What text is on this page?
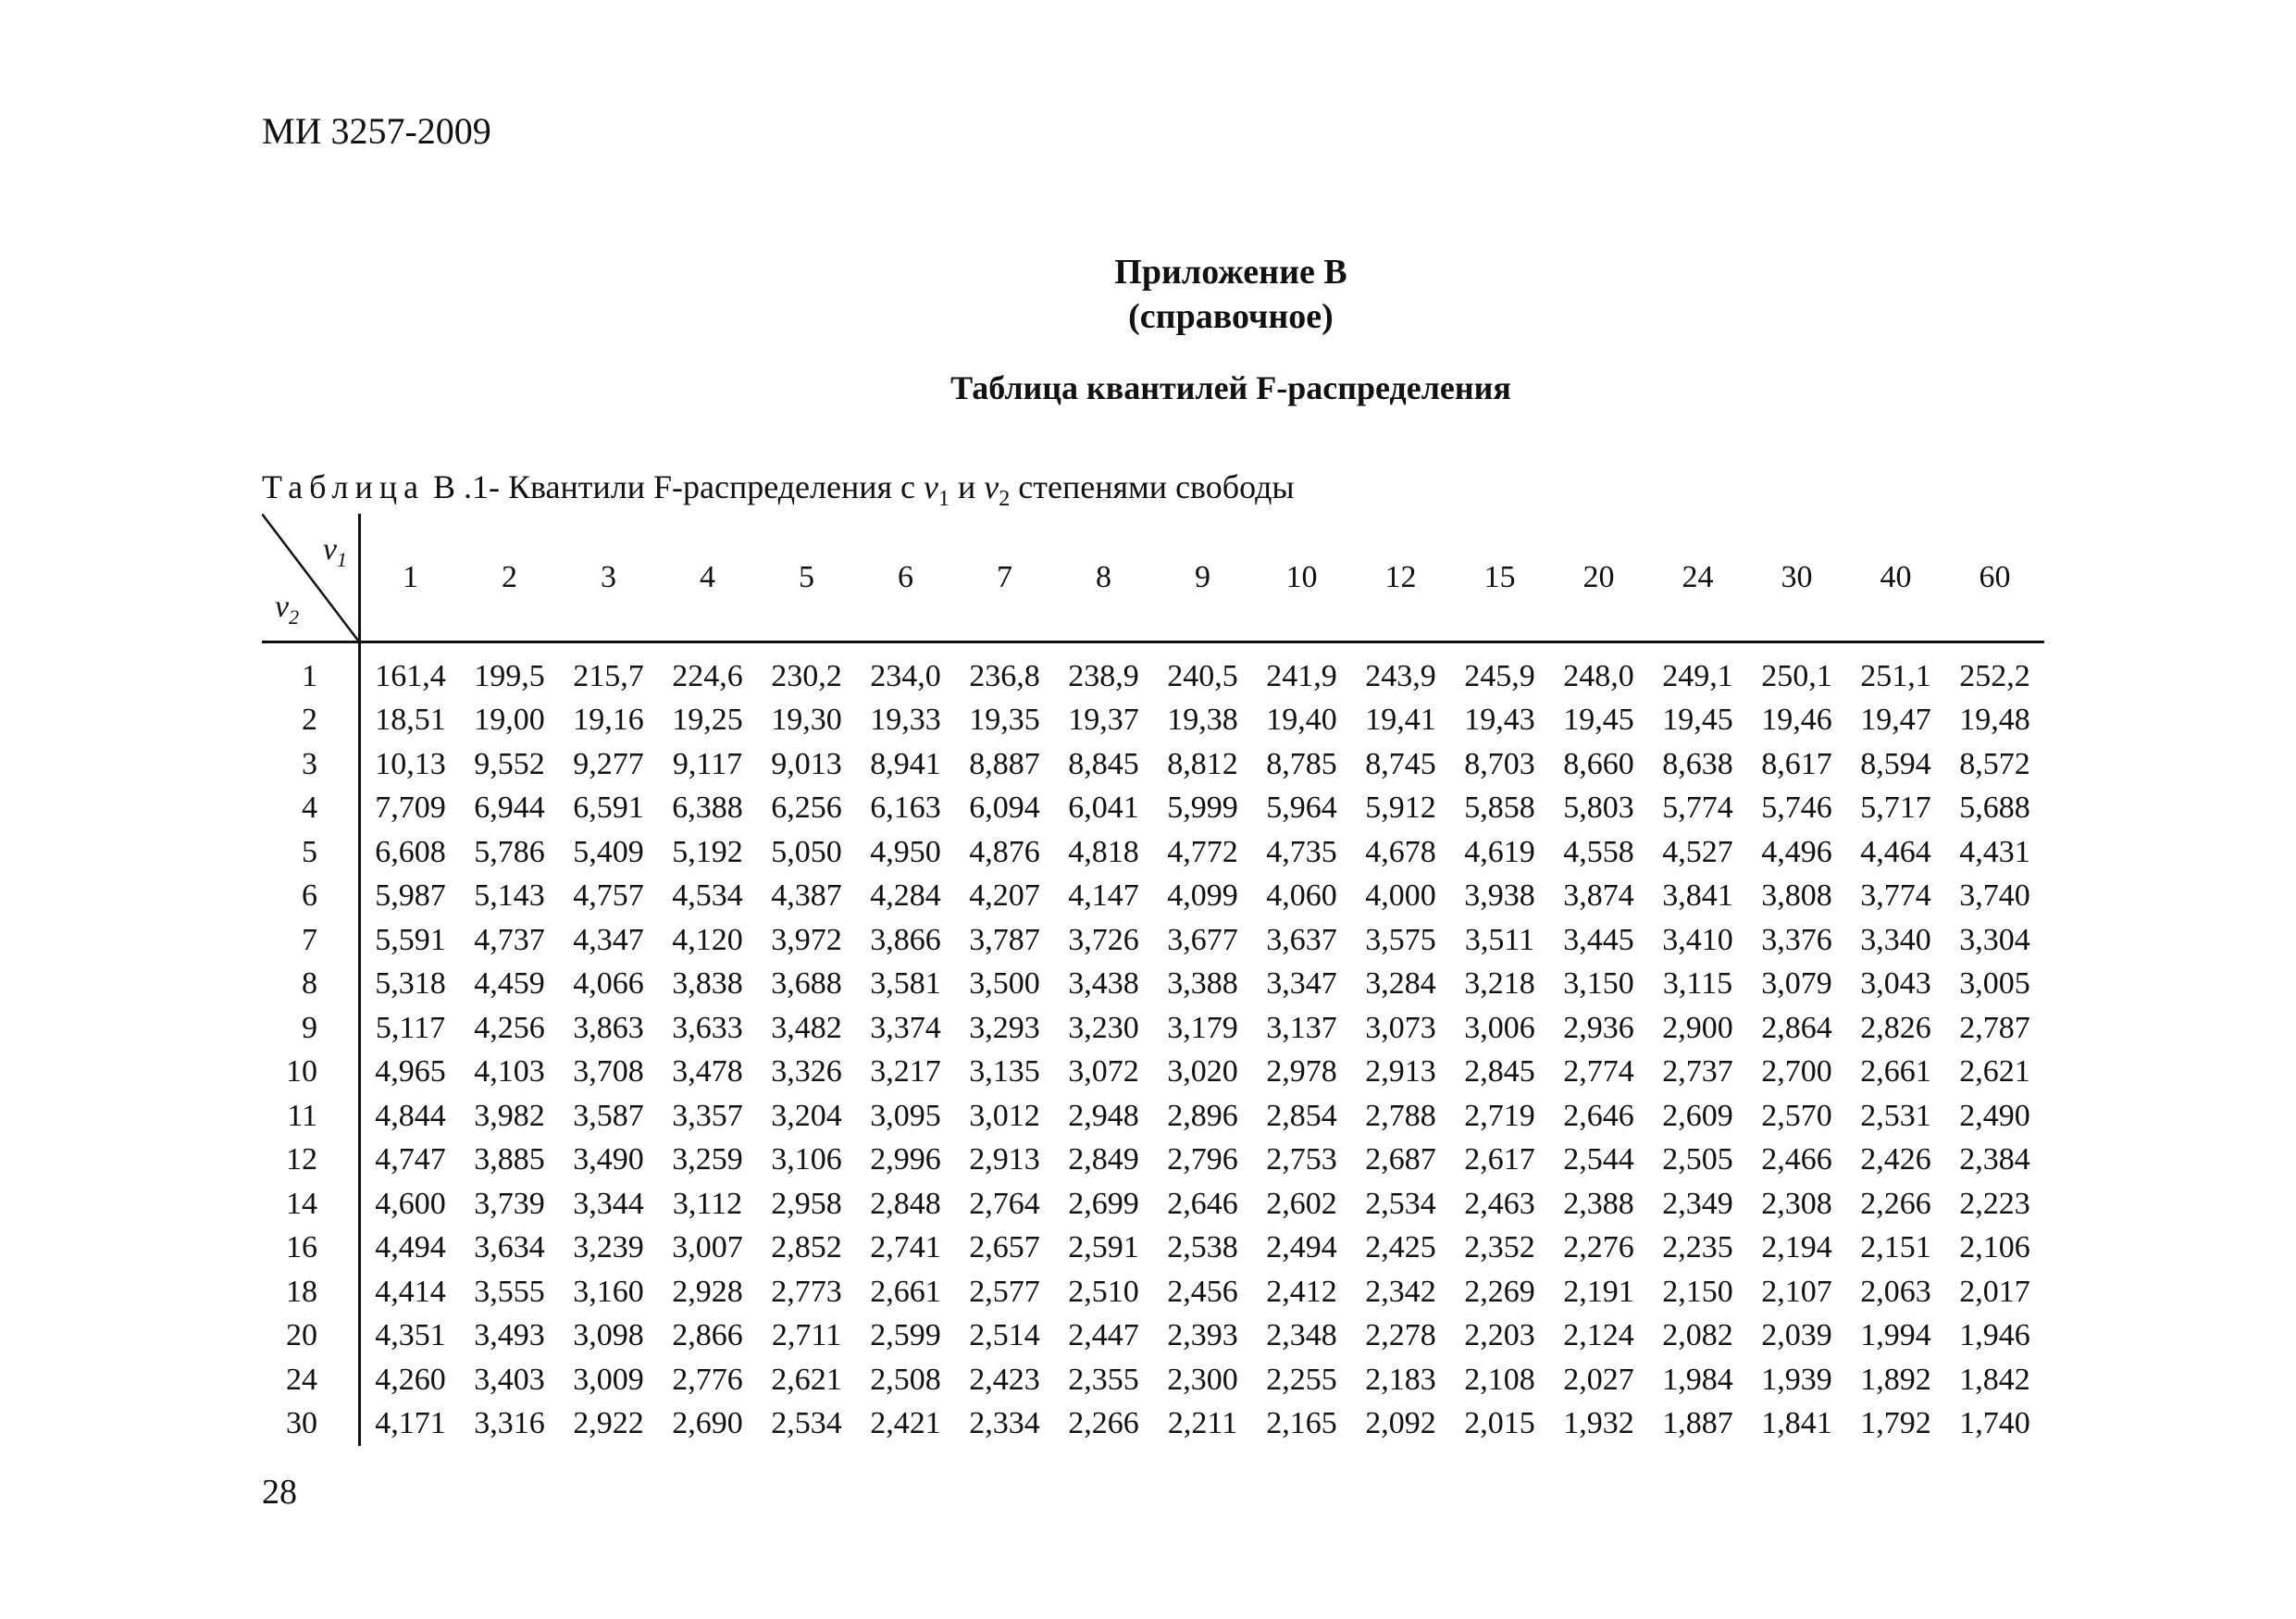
МИ 3257-2009
Приложение В
(справочное)
Таблица квантилей F-распределения
Таблица В .1- Квантили F-распределения с $\nu_1$ и $\nu_2$ степенями свободы
$\nu_1$
$\nu_2$	1	2	3	4	5	6	7	8	9	10	12	15	20	24	30	40	60
1	161,4	199,5	215,7	224,6	230,2	234,0	236,8	238,9	240,5	241,9	243,9	245,9	248,0	249,1	250,1	251,1	252,2
2	18,51	19,00	19,16	19,25	19,30	19,33	19,35	19,37	19,38	19,40	19,41	19,43	19,45	19,45	19,46	19,47	19,48
3	10,13	9,552	9,277	9,117	9,013	8,941	8,887	8,845	8,812	8,785	8,745	8,703	8,660	8,638	8,617	8,594	8,572
4	7,709	6,944	6,591	6,388	6,256	6,163	6,094	6,041	5,999	5,964	5,912	5,858	5,803	5,774	5,746	5,717	5,688
5	6,608	5,786	5,409	5,192	5,050	4,950	4,876	4,818	4,772	4,735	4,678	4,619	4,558	4,527	4,496	4,464	4,431
6	5,987	5,143	4,757	4,534	4,387	4,284	4,207	4,147	4,099	4,060	4,000	3,938	3,874	3,841	3,808	3,774	3,740
7	5,591	4,737	4,347	4,120	3,972	3,866	3,787	3,726	3,677	3,637	3,575	3,511	3,445	3,410	3,376	3,340	3,304
8	5,318	4,459	4,066	3,838	3,688	3,581	3,500	3,438	3,388	3,347	3,284	3,218	3,150	3,115	3,079	3,043	3,005
9	5,117	4,256	3,863	3,633	3,482	3,374	3,293	3,230	3,179	3,137	3,073	3,006	2,936	2,900	2,864	2,826	2,787
10	4,965	4,103	3,708	3,478	3,326	3,217	3,135	3,072	3,020	2,978	2,913	2,845	2,774	2,737	2,700	2,661	2,621
11	4,844	3,982	3,587	3,357	3,204	3,095	3,012	2,948	2,896	2,854	2,788	2,719	2,646	2,609	2,570	2,531	2,490
12	4,747	3,885	3,490	3,259	3,106	2,996	2,913	2,849	2,796	2,753	2,687	2,617	2,544	2,505	2,466	2,426	2,384
14	4,600	3,739	3,344	3,112	2,958	2,848	2,764	2,699	2,646	2,602	2,534	2,463	2,388	2,349	2,308	2,266	2,223
16	4,494	3,634	3,239	3,007	2,852	2,741	2,657	2,591	2,538	2,494	2,425	2,352	2,276	2,235	2,194	2,151	2,106
18	4,414	3,555	3,160	2,928	2,773	2,661	2,577	2,510	2,456	2,412	2,342	2,269	2,191	2,150	2,107	2,063	2,017
20	4,351	3,493	3,098	2,866	2,711	2,599	2,514	2,447	2,393	2,348	2,278	2,203	2,124	2,082	2,039	1,994	1,946
24	4,260	3,403	3,009	2,776	2,621	2,508	2,423	2,355	2,300	2,255	2,183	2,108	2,027	1,984	1,939	1,892	1,842
30	4,171	3,316	2,922	2,690	2,534	2,421	2,334	2,266	2,211	2,165	2,092	2,015	1,932	1,887	1,841	1,792	1,740
28
